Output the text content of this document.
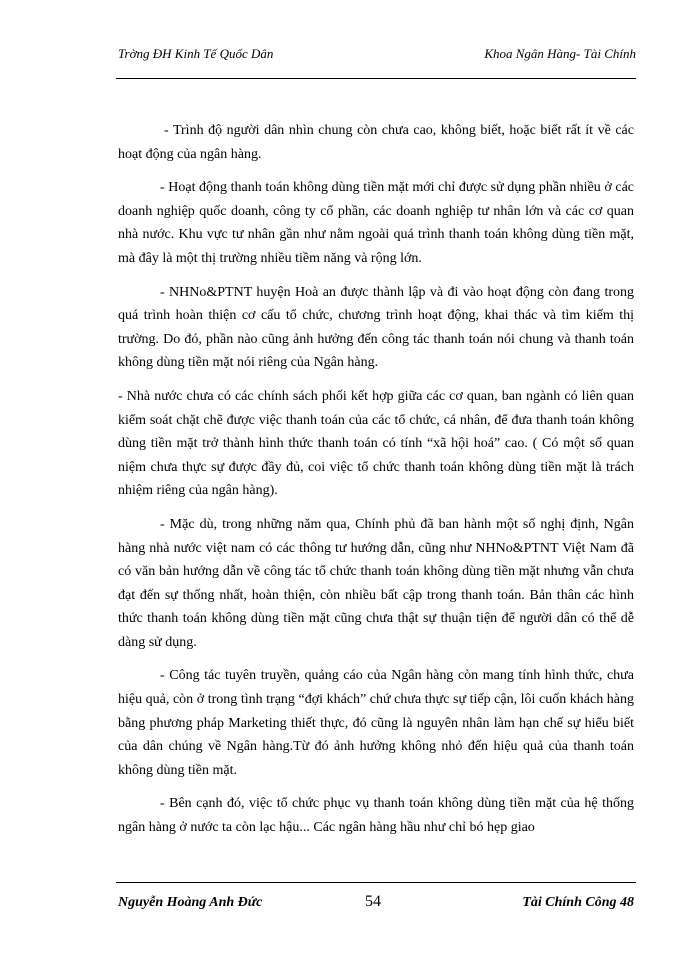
Trờng ĐH Kinh Tế Quốc Dân	Khoa Ngân Hàng- Tài Chính

- Trình độ người dân nhìn chung còn chưa cao, không biết, hoặc biết rất ít về các hoạt động của ngân hàng.

- Hoạt động thanh toán không dùng tiền mặt mới chỉ được sử dụng phần nhiều ở các doanh nghiệp quốc doanh, công ty cổ phần, các doanh nghiệp tư nhân lớn và các cơ quan nhà nước. Khu vực tư nhân gần như nằm ngoài quá trình thanh toán không dùng tiền mặt, mà đây là một thị trường nhiều tiềm năng và rộng lớn.

- NHNo&PTNT huyện Hoà an được thành lập và đi vào hoạt động còn đang trong quá trình hoàn thiện cơ cấu tổ chức, chương trình hoạt động, khai thác và tìm kiếm thị trường. Do đó, phần nào cũng ảnh hưởng đến công tác thanh toán nói chung và thanh toán không dùng tiền mặt nói riêng của Ngân hàng.

- Nhà nước chưa có các chính sách phối kết hợp giữa các cơ quan, ban ngành có liên quan kiểm soát chặt chẽ được việc thanh toán của các tổ chức, cá nhân, để đưa thanh toán không dùng tiền mặt trở thành hình thức thanh toán có tính “xã hội hoá” cao. ( Có một số quan niệm chưa thực sự được đầy đủ, coi việc tổ chức thanh toán không dùng tiền mặt là trách nhiệm riêng của ngân hàng).

- Mặc dù, trong những năm qua, Chính phủ đã ban hành một số nghị định, Ngân hàng nhà nước việt nam có các thông tư hướng dẫn, cũng như NHNo&PTNT Việt Nam đã có văn bản hướng dẫn về công tác tổ chức thanh toán không dùng tiền mặt nhưng vẫn chưa đạt đến sự thống nhất, hoàn thiện, còn nhiều bất cập trong thanh toán. Bản thân các hình thức thanh toán không dùng tiền mặt cũng chưa thật sự thuận tiện để người dân có thể dễ dàng sử dụng.

- Công tác tuyên truyền, quảng cáo của Ngân hàng còn mang tính hình thức, chưa hiệu quả, còn ở trong tình trạng “đợi khách” chứ chưa thực sự tiếp cận, lôi cuốn khách hàng bằng phương pháp Marketing thiết thực, đó cũng là nguyên nhân làm hạn chế sự hiểu biết của dân chúng về Ngân hàng.Từ đó ảnh hưởng không nhỏ đến hiệu quả của thanh toán không dùng tiền mặt.

- Bên cạnh đó, việc tổ chức phục vụ thanh toán không dùng tiền mặt của hệ thống ngân hàng ở nước ta còn lạc hậu... Các ngân hàng hầu như chỉ bó hẹp giao

Nguyễn Hoàng Anh Đức	54	Tài Chính Công 48
